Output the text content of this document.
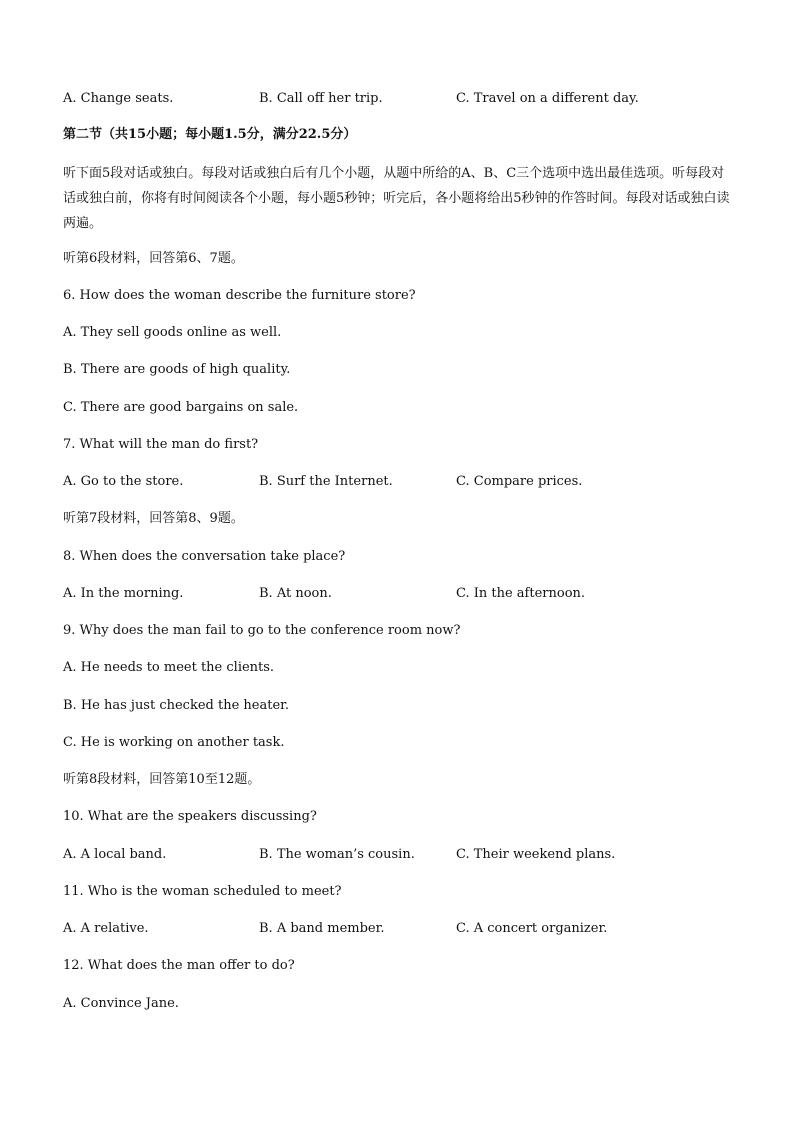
A. Change seats.	B. Call off her trip.	C. Travel on a different day.
第二节（共15小题；每小题1.5分，满分22.5分）
听下面5段对话或独白。每段对话或独白后有几个小题，从题中所给的A、B、C三个选项中选出最佳选项。听每段对话或独白前，你将有时间阅读各个小题，每小题5秒钟；听完后，各小题将给出5秒钟的作答时间。每段对话或独白读两遍。
听第6段材料，回答第6、7题。
6. How does the woman describe the furniture store?
A. They sell goods online as well.
B. There are goods of high quality.
C. There are good bargains on sale.
7. What will the man do first?
A. Go to the store.	B. Surf the Internet.	C. Compare prices.
听第7段材料，回答第8、9题。
8. When does the conversation take place?
A. In the morning.	B. At noon.	C. In the afternoon.
9. Why does the man fail to go to the conference room now?
A. He needs to meet the clients.
B. He has just checked the heater.
C. He is working on another task.
听第8段材料，回答第10至12题。
10. What are the speakers discussing?
A. A local band.	B. The woman’s cousin.	C. Their weekend plans.
11. Who is the woman scheduled to meet?
A. A relative.	B. A band member.	C. A concert organizer.
12. What does the man offer to do?
A. Convince Jane.
